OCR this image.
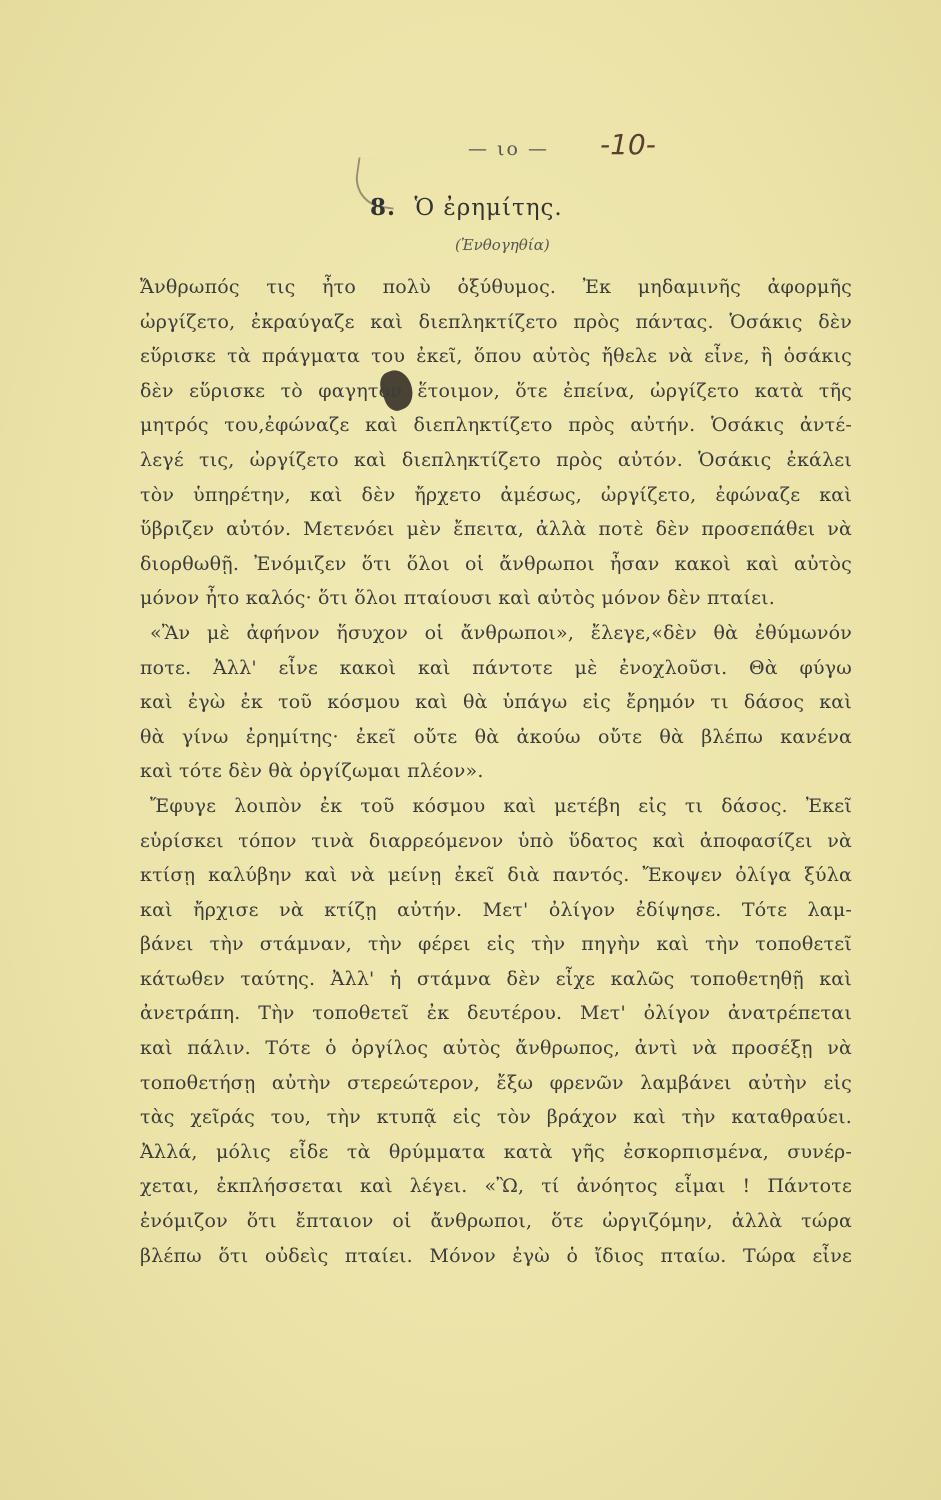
— ιο — -10-
8. Ὁ ἐρημίτης.
(Ἐνθογηθία)
Ἄνθρωπός τις ἦτο πολὺ ὀξύθυμος. Ἐκ μηδαμινῆς ἀφορμῆς
ὠργίζετο, ἐκραύγαζε καὶ διεπληκτίζετο πρὸς πάντας. Ὁσάκις δὲν
εὕρισκε τὰ πράγματα του ἐκεῖ, ὅπου αὐτὸς ἤθελε νὰ εἶνε, ἢ ὁσάκις
δὲν εὕρισκε τὸ φαγητὸν ἕτοιμον, ὅτε ἐπείνα, ὠργίζετο κατὰ τῆς
μητρός του,ἐφώναζε καὶ διεπληκτίζετο πρὸς αὐτήν. Ὁσάκις ἀντέ-
λεγέ τις, ὠργίζετο καὶ διεπληκτίζετο πρὸς αὐτόν. Ὁσάκις ἐκάλει
τὸν ὑπηρέτην, καὶ δὲν ἤρχετο ἀμέσως, ὠργίζετο, ἐφώναζε καὶ
ὕβριζεν αὐτόν. Μετενόει μὲν ἔπειτα, ἀλλὰ ποτὲ δὲν προσεπάθει νὰ
διορθωθῇ. Ἐνόμιζεν ὅτι ὅλοι οἱ ἄνθρωποι ἦσαν κακοὶ καὶ αὐτὸς
μόνον ἦτο καλός· ὅτι ὅλοι πταίουσι καὶ αὐτὸς μόνον δὲν πταίει.
«Ἂν μὲ ἀφήνον ἥσυχον οἱ ἄνθρωποι», ἔλεγε,«δὲν θὰ ἐθύμωνόν
ποτε. Ἀλλ' εἶνε κακοὶ καὶ πάντοτε μὲ ἐνοχλοῦσι. Θὰ φύγω
καὶ ἐγὼ ἐκ τοῦ κόσμου καὶ θὰ ὑπάγω εἰς ἔρημόν τι δάσος καὶ
θὰ γίνω ἐρημίτης· ἐκεῖ οὔτε θὰ ἀκούω οὔτε θὰ βλέπω κανένα
καὶ τότε δὲν θὰ ὀργίζωμαι πλέον».
Ἔφυγε λοιπὸν ἐκ τοῦ κόσμου καὶ μετέβη εἰς τι δάσος. Ἐκεῖ
εὑρίσκει τόπον τινὰ διαρρεόμενον ὑπὸ ὕδατος καὶ ἀποφασίζει νὰ
κτίσῃ καλύβην καὶ νὰ μείνῃ ἐκεῖ διὰ παντός. Ἔκοψεν ὀλίγα ξύλα
καὶ ἤρχισε νὰ κτίζῃ αὐτήν. Μετ' ὀλίγον ἐδίψησε. Τότε λαμ-
βάνει τὴν στάμναν, τὴν φέρει εἰς τὴν πηγὴν καὶ τὴν τοποθετεῖ
κάτωθεν ταύτης. Ἀλλ' ἡ στάμνα δὲν εἶχε καλῶς τοποθετηθῇ καὶ
ἀνετράπη. Τὴν τοποθετεῖ ἐκ δευτέρου. Μετ' ὀλίγον ἀνατρέπεται
καὶ πάλιν. Τότε ὁ ὀργίλος αὐτὸς ἄνθρωπος, ἀντὶ νὰ προσέξῃ νὰ
τοποθετήσῃ αὐτὴν στερεώτερον, ἔξω φρενῶν λαμβάνει αὐτὴν εἰς
τὰς χεῖράς του, τὴν κτυπᾷ εἰς τὸν βράχον καὶ τὴν καταθραύει.
Ἀλλά, μόλις εἶδε τὰ θρύμματα κατὰ γῆς ἐσκορπισμένα, συνέρ-
χεται, ἐκπλήσσεται καὶ λέγει. «Ὢ, τί ἀνόητος εἶμαι ! Πάντοτε
ἐνόμιζον ὅτι ἔπταιον οἱ ἄνθρωποι, ὅτε ὠργιζόμην, ἀλλὰ τώρα
βλέπω ὅτι οὐδεὶς πταίει. Μόνον ἐγὼ ὁ ἴδιος πταίω. Τώρα εἶνε
